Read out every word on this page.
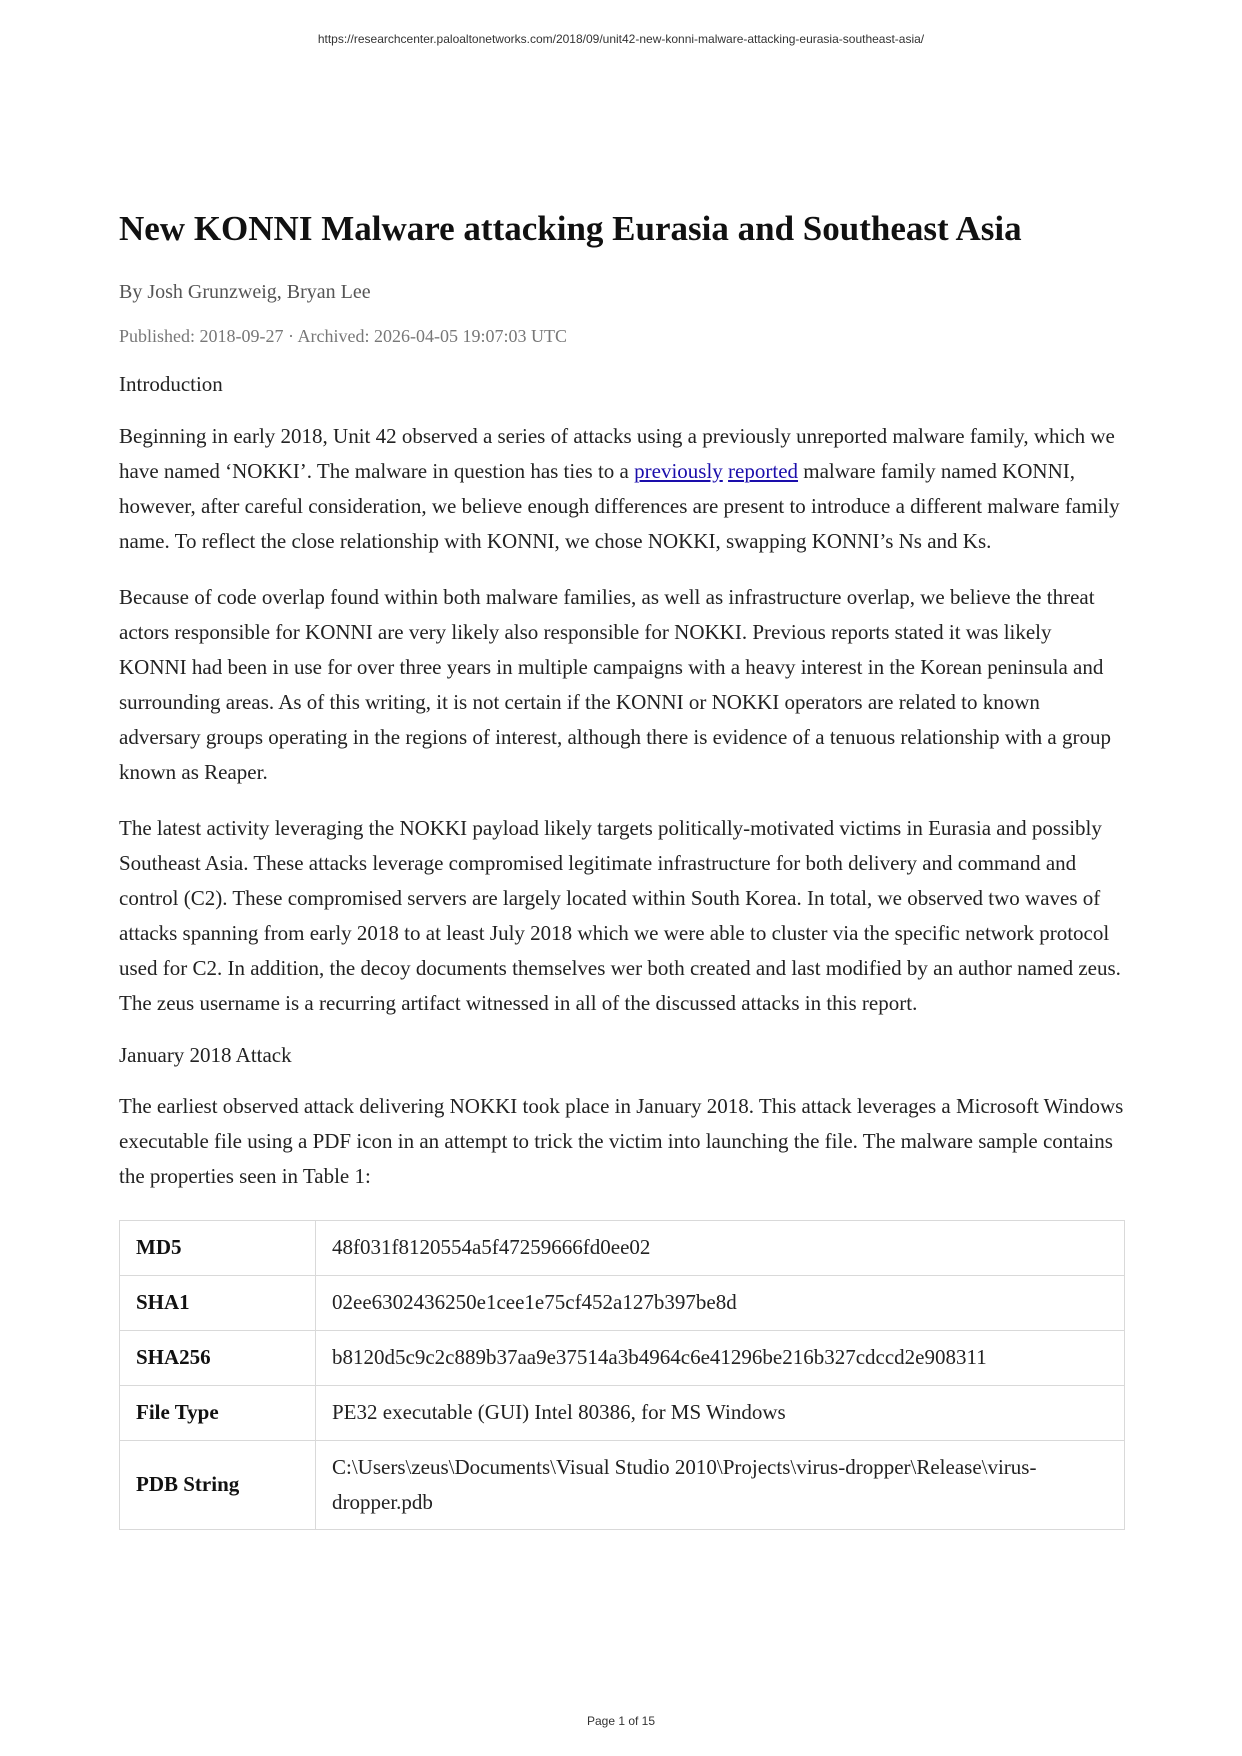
https://researchcenter.paloaltonetworks.com/2018/09/unit42-new-konni-malware-attacking-eurasia-southeast-asia/
New KONNI Malware attacking Eurasia and Southeast Asia
By Josh Grunzweig, Bryan Lee
Published: 2018-09-27 · Archived: 2026-04-05 19:07:03 UTC
Introduction

Beginning in early 2018, Unit 42 observed a series of attacks using a previously unreported malware family, which we have named ‘NOKKI’. The malware in question has ties to a previously reported malware family named KONNI, however, after careful consideration, we believe enough differences are present to introduce a different malware family name. To reflect the close relationship with KONNI, we chose NOKKI, swapping KONNI’s Ns and Ks.

Because of code overlap found within both malware families, as well as infrastructure overlap, we believe the threat actors responsible for KONNI are very likely also responsible for NOKKI. Previous reports stated it was likely KONNI had been in use for over three years in multiple campaigns with a heavy interest in the Korean peninsula and surrounding areas. As of this writing, it is not certain if the KONNI or NOKKI operators are related to known adversary groups operating in the regions of interest, although there is evidence of a tenuous relationship with a group known as Reaper.

The latest activity leveraging the NOKKI payload likely targets politically-motivated victims in Eurasia and possibly Southeast Asia. These attacks leverage compromised legitimate infrastructure for both delivery and command and control (C2). These compromised servers are largely located within South Korea. In total, we observed two waves of attacks spanning from early 2018 to at least July 2018 which we were able to cluster via the specific network protocol used for C2. In addition, the decoy documents themselves wer both created and last modified by an author named zeus. The zeus username is a recurring artifact witnessed in all of the discussed attacks in this report.

January 2018 Attack

The earliest observed attack delivering NOKKI took place in January 2018. This attack leverages a Microsoft Windows executable file using a PDF icon in an attempt to trick the victim into launching the file. The malware sample contains the properties seen in Table 1:

MD5	48f031f8120554a5f47259666fd0ee02
SHA1	02ee6302436250e1cee1e75cf452a127b397be8d
SHA256	b8120d5c9c2c889b37aa9e37514a3b4964c6e41296be216b327cdccd2e908311
File Type	PE32 executable (GUI) Intel 80386, for MS Windows
PDB String	C:\Users\zeus\Documents\Visual Studio 2010\Projects\virus-dropper\Release\virus-dropper.pdb
Page 1 of 15
